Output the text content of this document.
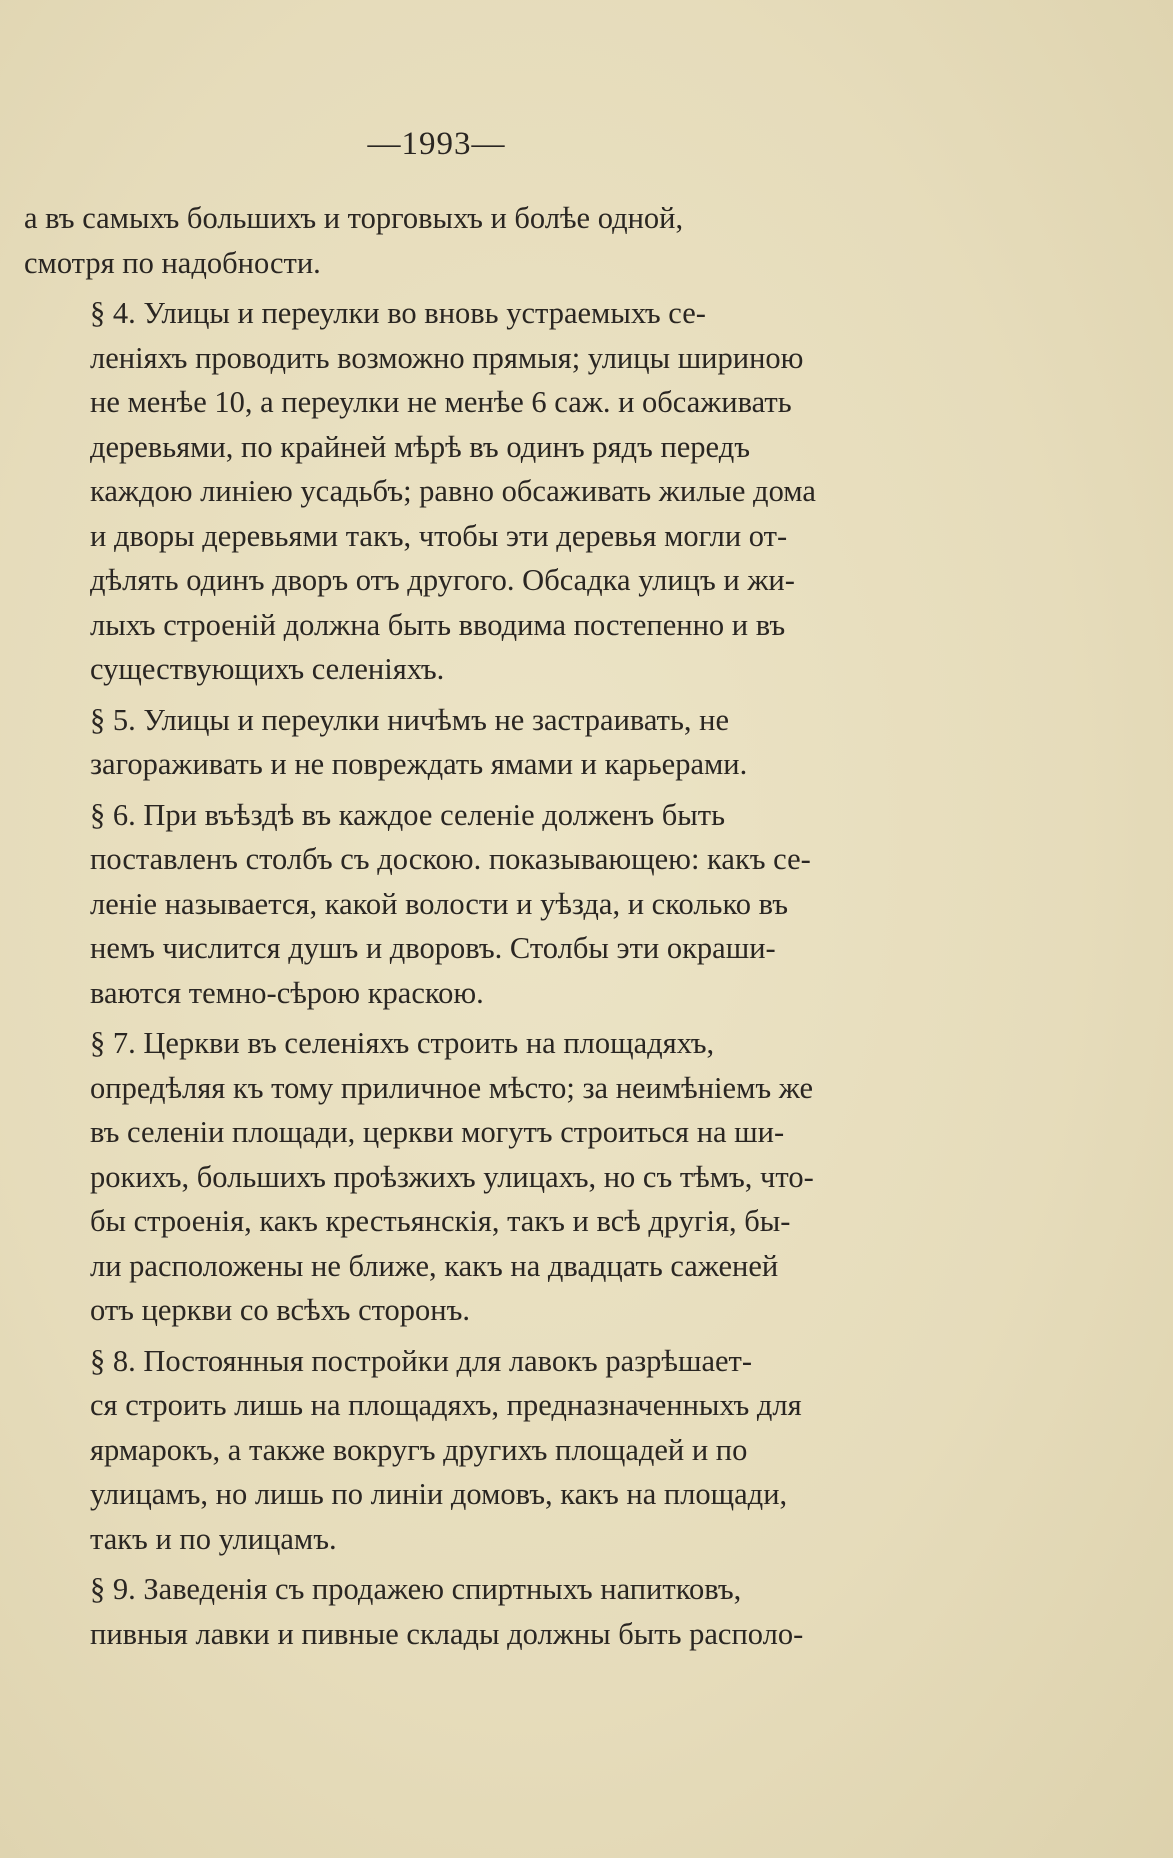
—1993—

а въ самыхъ большихъ и торговыхъ и болѣе одной,
смотря по надобности.

§ 4. Улицы и переулки во вновь устраемыхъ се-
леніяхъ проводить возможно прямыя; улицы шириною
не менѣе 10, а переулки не менѣе 6 саж. и обсаживать
деревьями, по крайней мѣрѣ въ одинъ рядъ передъ
каждою линіею усадьбъ; равно обсаживать жилые дома
и дворы деревьями такъ, чтобы эти деревья могли от-
дѣлять одинъ дворъ отъ другого. Обсадка улицъ и жи-
лыхъ строеній должна быть вводима постепенно и въ
существующихъ селеніяхъ.

§ 5. Улицы и переулки ничѣмъ не застраивать, не
загораживать и не повреждать ямами и карьерами.

§ 6. При въѣздѣ въ каждое селеніе долженъ быть
поставленъ столбъ съ доскою. показывающею: какъ се-
леніе называется, какой волости и уѣзда, и сколько въ
немъ числится душъ и дворовъ. Столбы эти окраши-
ваются темно-сѣрою краскою.

§ 7. Церкви въ селеніяхъ строить на площадяхъ,
опредѣляя къ тому приличное мѣсто; за неимѣніемъ же
въ селеніи площади, церкви могутъ строиться на ши-
рокихъ, большихъ проѣзжихъ улицахъ, но съ тѣмъ, что-
бы строенія, какъ крестьянскія, такъ и всѣ другія, бы-
ли расположены не ближе, какъ на двадцать саженей
отъ церкви со всѣхъ сторонъ.

§ 8. Постоянныя постройки для лавокъ разрѣшает-
ся строить лишь на площадяхъ, предназначенныхъ для
ярмарокъ, а также вокругъ другихъ площадей и по
улицамъ, но лишь по линіи домовъ, какъ на площади,
такъ и по улицамъ.

§ 9. Заведенія съ продажею спиртныхъ напитковъ,
пивныя лавки и пивные склады должны быть располо-
